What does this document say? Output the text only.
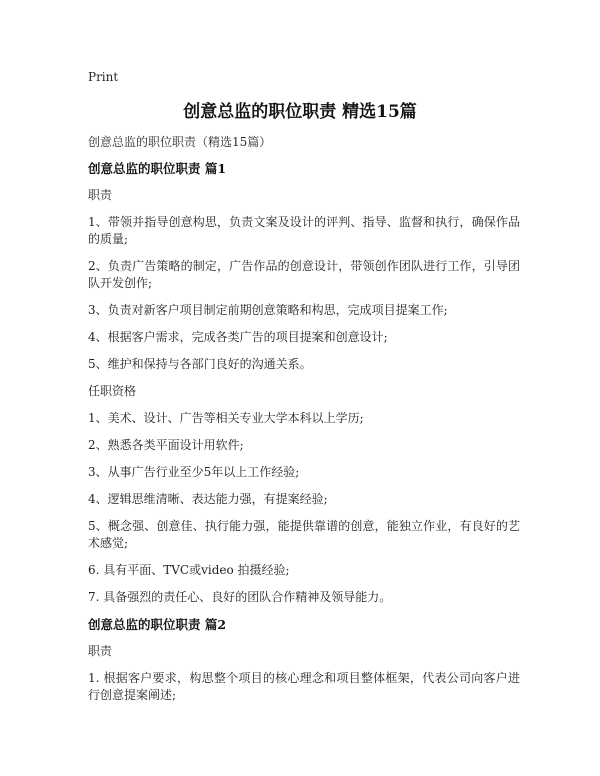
Print
创意总监的职位职责 精选15篇
创意总监的职位职责（精选15篇）
创意总监的职位职责 篇1
职责
1、带领并指导创意构思，负责文案及设计的评判、指导、监督和执行，确保作品的质量;
2、负责广告策略的制定，广告作品的创意设计，带领创作团队进行工作，引导团队开发创作;
3、负责对新客户项目制定前期创意策略和构思，完成项目提案工作;
4、根据客户需求，完成各类广告的项目提案和创意设计;
5、维护和保持与各部门良好的沟通关系。
任职资格
1、美术、设计、广告等相关专业大学本科以上学历;
2、熟悉各类平面设计用软件;
3、从事广告行业至少5年以上工作经验;
4、逻辑思维清晰、表达能力强，有提案经验;
5、概念强、创意佳、执行能力强，能提供靠谱的创意，能独立作业，有良好的艺术感觉;
6. 具有平面、TVC或video 拍摄经验;
7. 具备强烈的责任心、良好的团队合作精神及领导能力。
创意总监的职位职责 篇2
职责
1. 根据客户要求，构思整个项目的核心理念和项目整体框架，代表公司向客户进行创意提案阐述;
